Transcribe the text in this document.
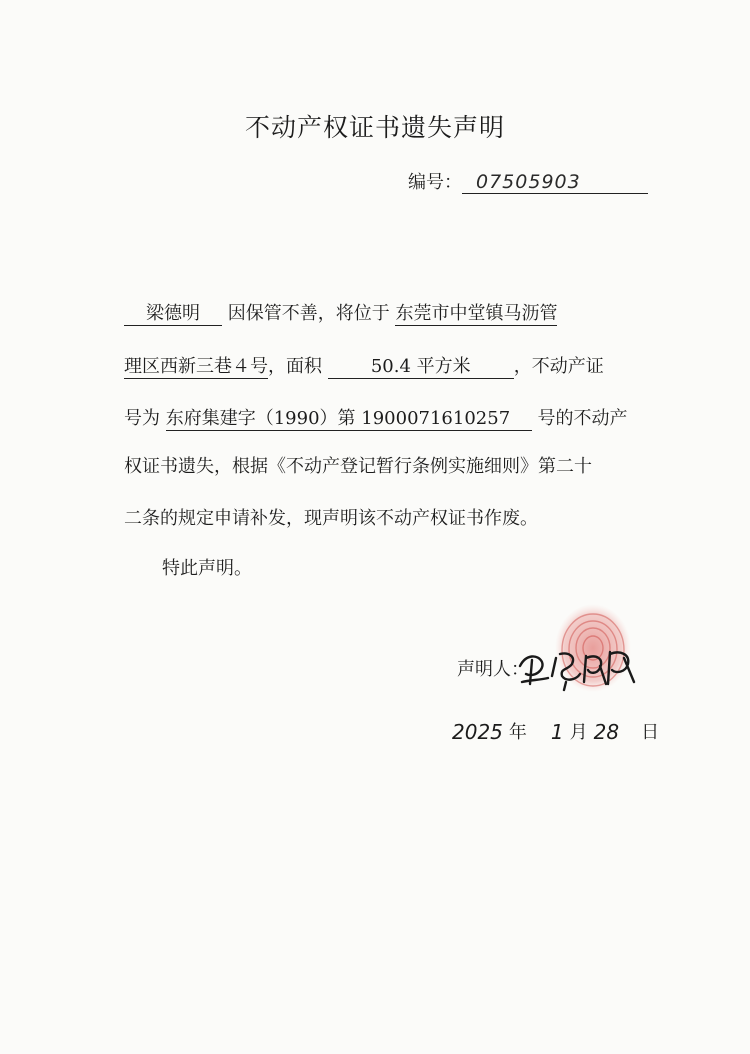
不动产权证书遗失声明
编号： 07505903
梁德明 因保管不善，将位于 东莞市中堂镇马沥管
理区西新三巷４号，面积	50.4 平方米 ，不动产证
号为 东府集建字（1990）第 1900071610257 号的不动产
权证书遗失，根据《不动产登记暂行条例实施细则》第二十
二条的规定申请补发，现声明该不动产权证书作废。
特此声明。
声明人：
2025 年 1 月 28 日
